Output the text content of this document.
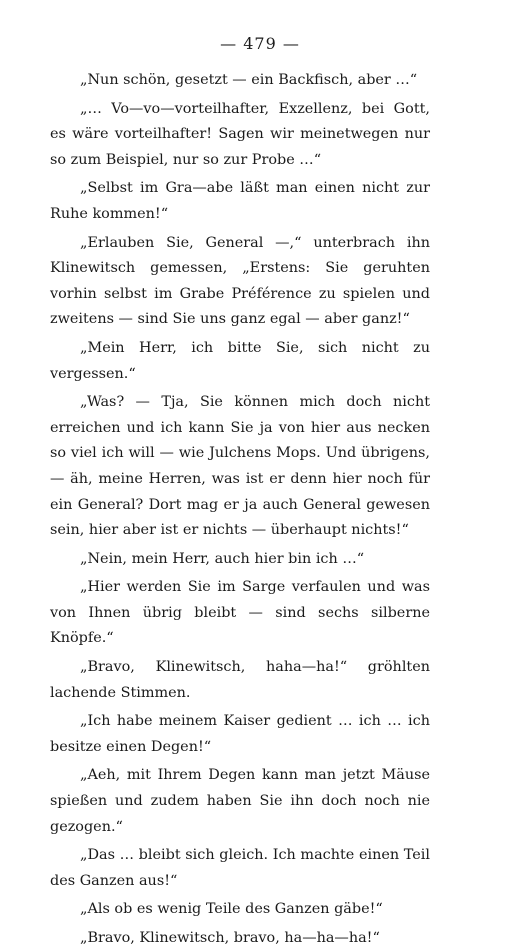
— 479 —

„Nun schön, gesetzt — ein Backfisch, aber …“

„… Vo—vo—vorteilhafter, Exzellenz, bei Gott, es wäre vorteilhafter! Sagen wir meinetwegen nur so zum Beispiel, nur so zur Probe …“

„Selbst im Gra—abe läßt man einen nicht zur Ruhe kommen!“

„Erlauben Sie, General —,“ unterbrach ihn Klinewitsch gemessen, „Erstens: Sie geruhten vorhin selbst im Grabe Préférence zu spielen und zweitens — sind Sie uns ganz egal — aber ganz!“

„Mein Herr, ich bitte Sie, sich nicht zu vergessen.“

„Was? — Tja, Sie können mich doch nicht erreichen und ich kann Sie ja von hier aus necken so viel ich will — wie Julchens Mops. Und übrigens, — äh, meine Herren, was ist er denn hier noch für ein General? Dort mag er ja auch General gewesen sein, hier aber ist er nichts — überhaupt nichts!“

„Nein, mein Herr, auch hier bin ich …“

„Hier werden Sie im Sarge verfaulen und was von Ihnen übrig bleibt — sind sechs silberne Knöpfe.“

„Bravo, Klinewitsch, haha—ha!“ gröhlten lachende Stimmen.

„Ich habe meinem Kaiser gedient … ich … ich besitze einen Degen!“

„Aeh, mit Ihrem Degen kann man jetzt Mäuse spießen und zudem haben Sie ihn doch noch nie gezogen.“

„Das … bleibt sich gleich. Ich machte einen Teil des Ganzen aus!“

„Als ob es wenig Teile des Ganzen gäbe!“

„Bravo, Klinewitsch, bravo, ha—ha—ha!“
